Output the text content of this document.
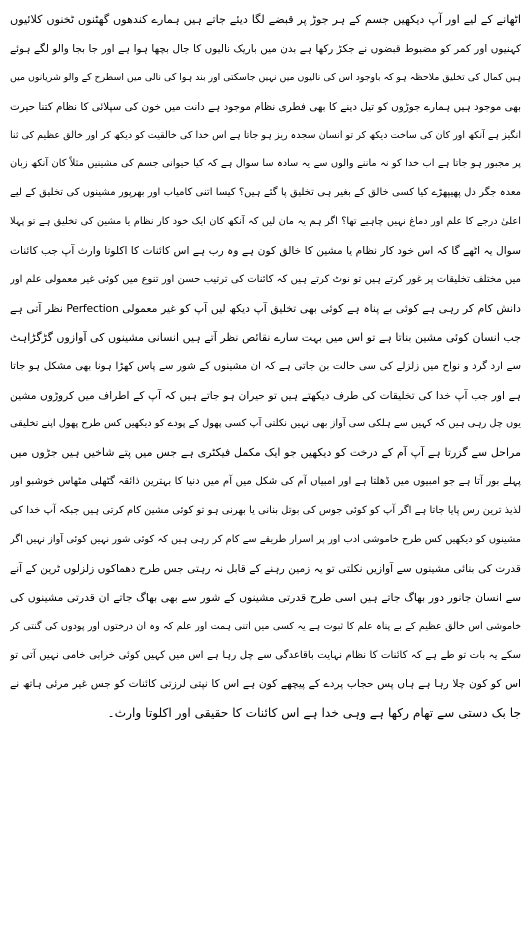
اٹھانے کے لیے اور آپ دیکھیں جسم کے ہر جوڑ پر قبضے لگا دیئے جاتے ہیں ہمارے کندھوں گھٹنوں ٹخنوں کلائیوں
کہنیوں اور کمر کو مضبوط قبضوں نے جکڑ رکھا ہے بدن میں باریک نالیوں کا جال بچھا ہوا ہے اور جا بجا والو لگے ہوئے
ہیں کمال کی تخلیق ملاحظہ ہو کہ باوجود اس کی نالیوں میں نہیں جاسکتی اور بند ہوا کی نالی میں اسطرح کے والو شریانوں میں
بھی موجود ہیں ہمارے جوڑوں کو تیل دینے کا بھی فطری نظام موجود ہے دانت میں خون کی سپلائی کا نظام کتنا حیرت
انگیز ہے آنکھ اور کان کی ساخت دیکھ کر تو انسان سجدہ ریز ہو جاتا ہے اس خدا کی خالقیت کو دیکھ کر اور خالق عظیم کی ثنا
پر مجبور ہو جاتا ہے اب خدا کو نہ ماننے والوں سے یہ سادہ سا سوال ہے کہ کیا حیوانی جسم کی مشینیں مثلاً کان آنکھ زبان
معدہ جگر دل پھیپھڑے کیا کسی خالق کے بغیر ہی تخلیق پا گئے ہیں؟ کیسا اتنی کامیاب اور بھرپور مشینوں کی تخلیق کے لیے
اعلیٰ درجے کا علم اور دماغ نہیں چاہیے تھا؟ اگر ہم یہ مان لیں کہ آنکھ کان ایک خود کار نظام یا مشین کی تخلیق ہے تو پہلا
سوال یہ اٹھے گا کہ اس خود کار نظام یا مشین کا خالق کون ہے وہ رب ہے اس کائنات کا اکلوتا وارث آپ جب کائنات
میں مختلف تخلیقات پر غور کرتے ہیں تو نوٹ کرتے ہیں کہ کائنات کی ترتیب حسن اور تنوع میں کوئی غیر معمولی علم اور
دانش کام کر رہی ہے کوئی بے پناہ ہے کوئی بھی تخلیق آپ دیکھ لیں آپ کو غیر معمولی Perfection نظر آتی ہے
جب انسان کوئی مشین بناتا ہے تو اس میں بہت سارے نقائص نظر آتے ہیں انسانی مشینوں کی آوازوں گڑگڑاہٹ
سے ارد گرد و نواح میں زلزلے کی سی حالت بن جاتی ہے کہ ان مشینوں کے شور سے پاس کھڑا ہونا بھی مشکل ہو جاتا
ہے اور جب آپ خدا کی تخلیقات کی طرف دیکھتے ہیں تو حیران ہو جاتے ہیں کہ آپ کے اطراف میں کروڑوں مشین
یوں چل رہی ہیں کہ کہیں سے ہلکی سی آواز بھی نہیں نکلتی آپ کسی پھول کے پودے کو دیکھیں کس طرح پھول اپنے تخلیقی
مراحل سے گزرتا ہے آپ آم کے درخت کو دیکھیں جو ایک مکمل فیکٹری ہے جس میں پتے شاخیں ہیں جڑوں میں
پہلے بور آتا ہے جو امبیوں میں ڈھلتا ہے اور امبیاں آم کی شکل میں آم میں دنیا کا بہترین ذائقہ گٹھلی مٹھاس خوشبو اور
لذیذ ترین رس پایا جاتا ہے اگر آپ کو کوئی جوس کی بوتل بنانی یا بھرنی ہو تو کوئی مشین کام کرتی ہیں جبکہ آپ خدا کی
مشینوں کو دیکھیں کس طرح خاموشی ادب اور پر اسرار طریقے سے کام کر رہی ہیں کہ کوئی شور نہیں کوئی آواز نہیں اگر
قدرت کی بنائی مشینوں سے آوازیں نکلتی تو یہ زمین رہنے کے قابل نہ رہتی جس طرح دھماکوں زلزلوں ٹرین کے آنے
سے انسان جانور دور بھاگ جاتے ہیں اسی طرح قدرتی مشینوں کے شور سے بھی بھاگ جاتے ان قدرتی مشینوں کی
خاموشی اس خالق عظیم کے بے پناہ علم کا ثبوت ہے یہ کسی میں اتنی ہمت اور علم کہ وہ ان درختوں اور پودوں کی گنتی کر
سکے یہ بات تو طے ہے کہ کائنات کا نظام نہایت باقاعدگی سے چل رہا ہے اس میں کہیں کوئی خرابی خامی نہیں آتی تو
اس کو کون چلا رہا ہے ہاں پس حجاب پردے کے پیچھے کون ہے اس کا نپتی لرزتی کائنات کو جس غیر مرئی ہاتھ نے
جا بک دستی سے تھام رکھا ہے وہی خدا ہے اس کائنات کا حقیقی اور اکلوتا وارث۔
